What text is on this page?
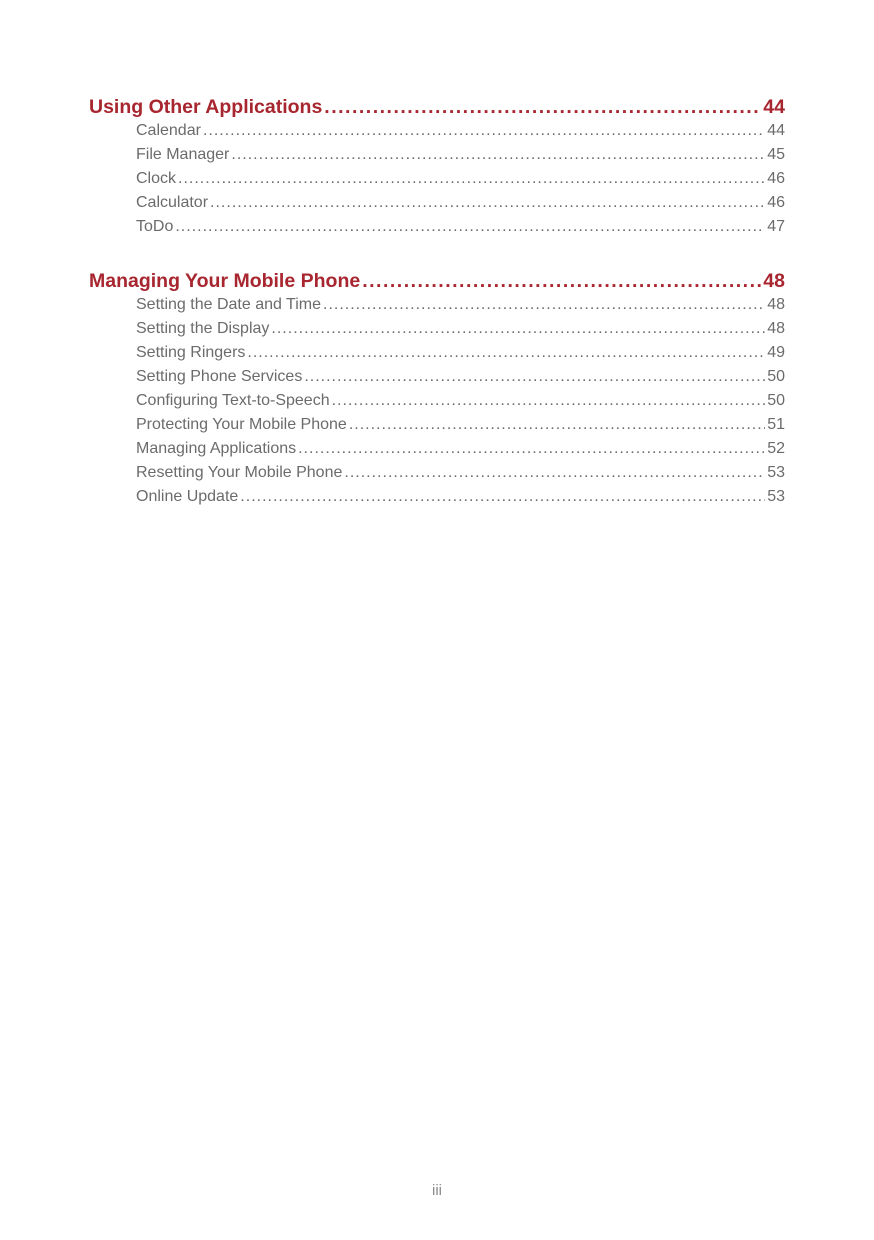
Using Other Applications .....	44
Calendar .....	44
File Manager .....	45
Clock .....	46
Calculator .....	46
ToDo .....	47
Managing Your Mobile Phone .....	48
Setting the Date and Time .....	48
Setting the Display .....	48
Setting Ringers .....	49
Setting Phone Services .....	50
Configuring Text-to-Speech .....	50
Protecting Your Mobile Phone .....	51
Managing Applications .....	52
Resetting Your Mobile Phone .....	53
Online Update .....	53
iii
